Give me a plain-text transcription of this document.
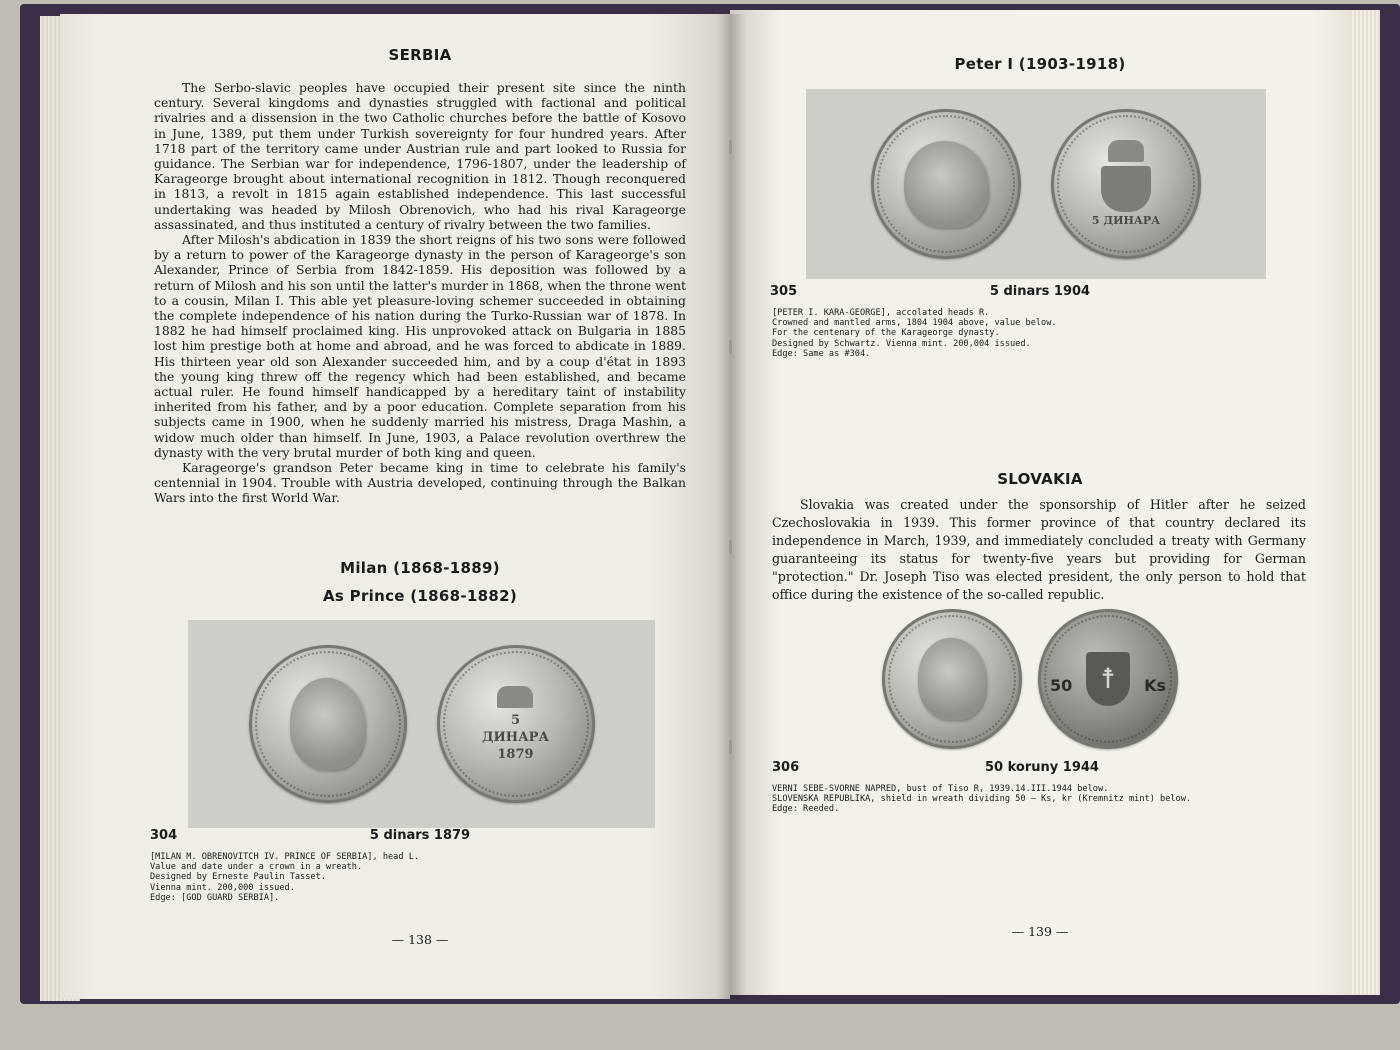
SERBIA

The Serbo-slavic peoples have occupied their present site since the ninth century. Several kingdoms and dynasties struggled with factional and political rivalries and a dissension in the two Catholic churches before the battle of Kosovo in June, 1389, put them under Turkish sovereignty for four hundred years. After 1718 part of the territory came under Austrian rule and part looked to Russia for guidance. The Serbian war for independence, 1796-1807, under the leadership of Karageorge brought about international recognition in 1812. Though reconquered in 1813, a revolt in 1815 again established independence. This last successful undertaking was headed by Milosh Obrenovich, who had his rival Karageorge assassinated, and thus instituted a century of rivalry between the two families.

After Milosh's abdication in 1839 the short reigns of his two sons were followed by a return to power of the Karageorge dynasty in the person of Karageorge's son Alexander, Prince of Serbia from 1842-1859. His deposition was followed by a return of Milosh and his son until the latter's murder in 1868, when the throne went to a cousin, Milan I. This able yet pleasure-loving schemer succeeded in obtaining the complete independence of his nation during the Turko-Russian war of 1878. In 1882 he had himself proclaimed king. His unprovoked attack on Bulgaria in 1885 lost him prestige both at home and abroad, and he was forced to abdicate in 1889. His thirteen year old son Alexander succeeded him, and by a coup d'état in 1893 the young king threw off the regency which had been established, and became actual ruler. He found himself handicapped by a hereditary taint of instability inherited from his father, and by a poor education. Complete separation from his subjects came in 1900, when he suddenly married his mistress, Draga Mashin, a widow much older than himself. In June, 1903, a Palace revolution overthrew the dynasty with the very brutal murder of both king and queen.

Karageorge's grandson Peter became king in time to celebrate his family's centennial in 1904. Trouble with Austria developed, continuing through the Balkan Wars into the first World War.

Milan (1868-1889)
As Prince (1868-1882)
5
ДИНАРА
1879
304	5 dinars 1879
[MILAN M. OBRENOVITCH IV. PRINCE OF SERBIA], head L.
Value and date under a crown in a wreath.
Designed by Erneste Paulin Tasset.
Vienna mint. 200,000 issued.
Edge: [GOD GUARD SERBIA].
— 138 —
Peter I (1903-1918)
5 ДИНАРА
305	5 dinars 1904
[PETER I. KARA-GEORGE], accolated heads R.
Crowned and mantled arms, 1804 1904 above, value below.
For the centenary of the Karageorge dynasty.
Designed by Schwartz. Vienna mint. 200,004 issued.
Edge: Same as #304.
SLOVAKIA

Slovakia was created under the sponsorship of Hitler after he seized Czechoslovakia in 1939. This former province of that country declared its independence in March, 1939, and immediately concluded a treaty with Germany guaranteeing its status for twenty-five years but providing for German "protection." Dr. Joseph Tiso was elected president, the only person to hold that office during the existence of the so-called republic.

50 ☨ Ks
306	50 koruny 1944
VERNI SEBE-SVORNE NAPRED, bust of Tiso R, 1939.14.III.1944 below.
SLOVENSKA REPUBLIKA, shield in wreath dividing 50 — Ks, kr (Kremnitz mint) below.
Edge: Reeded.
— 139 —
